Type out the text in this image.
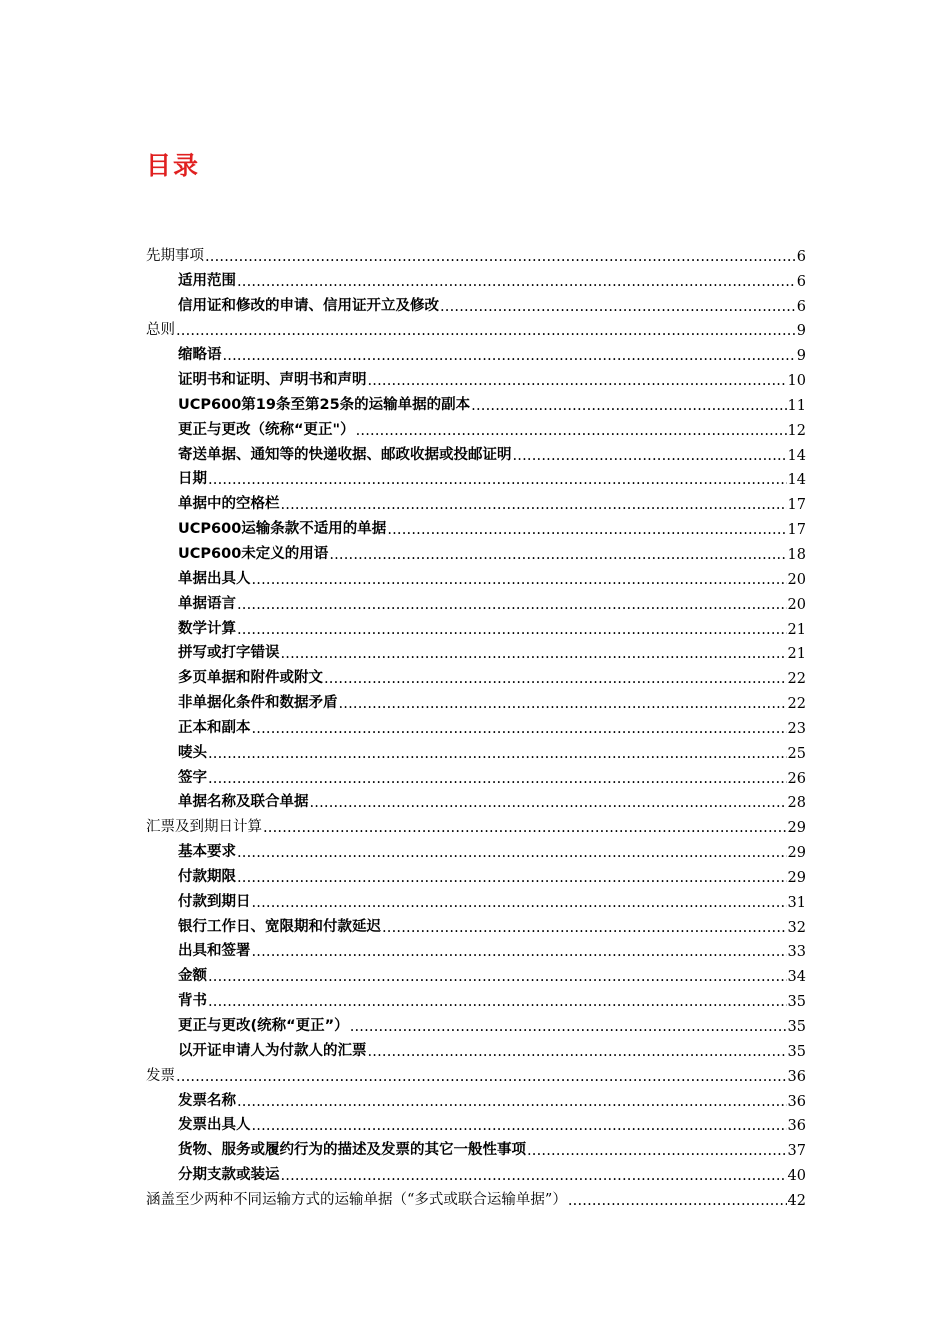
目录
先期事项 .....	6
适用范围 .....	6
信用证和修改的申请、信用证开立及修改 .....	6
总则 .....	9
缩略语 .....	9
证明书和证明、声明书和声明 .....	10
UCP600第19条至第25条的运输单据的副本 .....	11
更正与更改（统称“更正"） .....	12
寄送单据、通知等的快递收据、邮政收据或投邮证明 .....	14
日期 .....	14
单据中的空格栏 .....	17
UCP600运输条款不适用的单据 .....	17
UCP600未定义的用语 .....	18
单据出具人 .....	20
单据语言 .....	20
数学计算 .....	21
拼写或打字错误 .....	21
多页单据和附件或附文 .....	22
非单据化条件和数据矛盾 .....	22
正本和副本 .....	23
唛头 .....	25
签字 .....	26
单据名称及联合单据 .....	28
汇票及到期日计算 .....	29
基本要求 .....	29
付款期限 .....	29
付款到期日 .....	31
银行工作日、宽限期和付款延迟 .....	32
出具和签署 .....	33
金额 .....	34
背书 .....	35
更正与更改(统称“更正”） .....	35
以开证申请人为付款人的汇票 .....	35
发票 .....	36
发票名称 .....	36
发票出具人 .....	36
货物、服务或履约行为的描述及发票的其它一般性事项 .....	37
分期支款或装运 .....	40
涵盖至少两种不同运输方式的运输单据（“多式或联合运输单据”） .....	42
